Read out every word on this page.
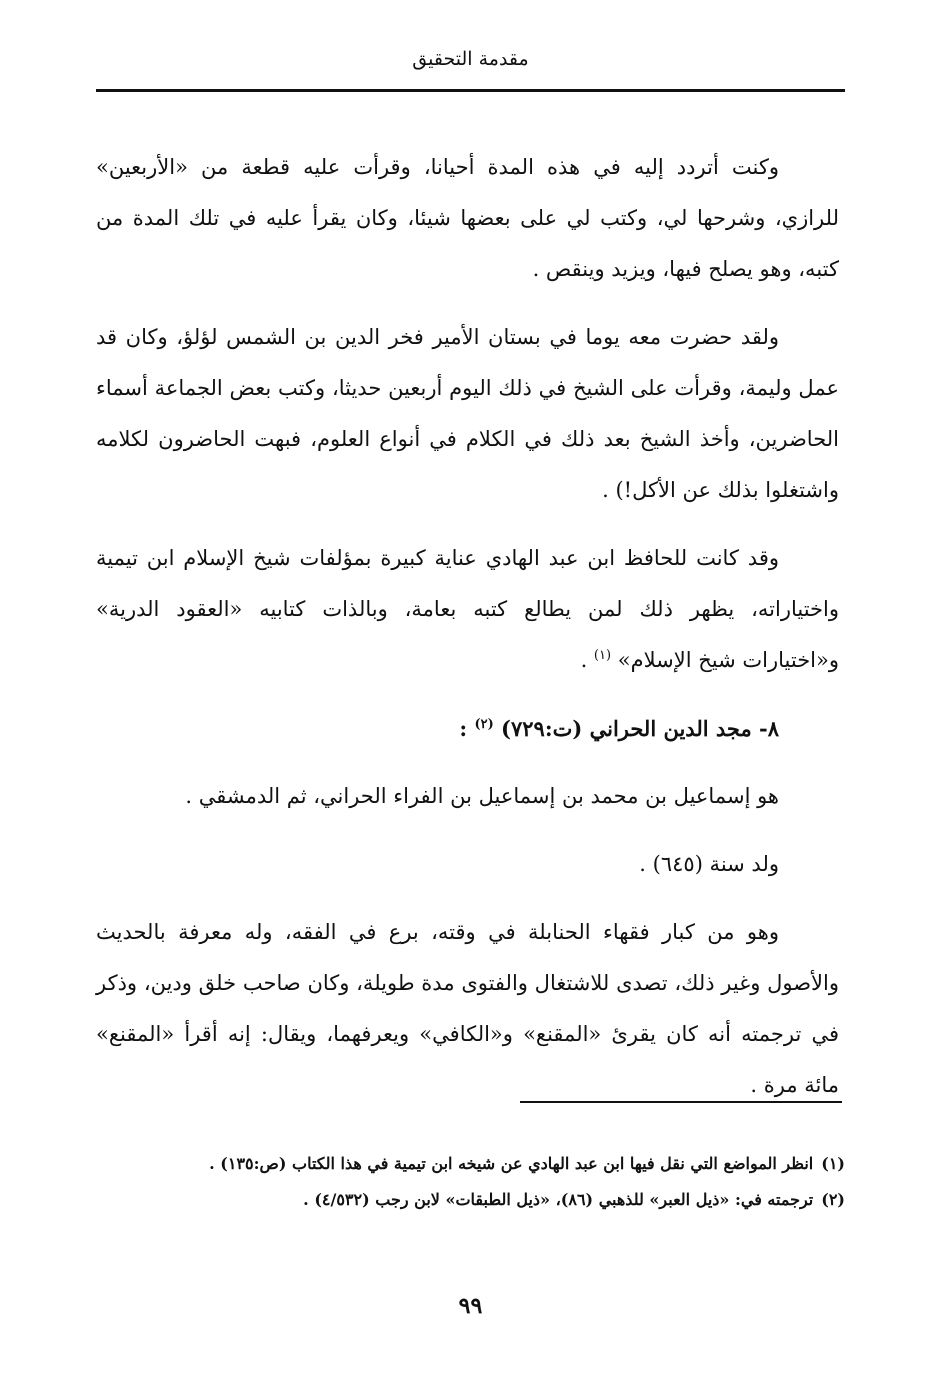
مقدمة التحقيق

وكنت أتردد إليه في هذه المدة أحيانا، وقرأت عليه قطعة من «الأربعين» للرازي، وشرحها لي، وكتب لي على بعضها شيئا، وكان يقرأ عليه في تلك المدة من كتبه، وهو يصلح فيها، ويزيد وينقص .

ولقد حضرت معه يوما في بستان الأمير فخر الدين بن الشمس لؤلؤ، وكان قد عمل وليمة، وقرأت على الشيخ في ذلك اليوم أربعين حديثا، وكتب بعض الجماعة أسماء الحاضرين، وأخذ الشيخ بعد ذلك في الكلام في أنواع العلوم، فبهت الحاضرون لكلامه واشتغلوا بذلك عن الأكل!) .

وقد كانت للحافظ ابن عبد الهادي عناية كبيرة بمؤلفات شيخ الإسلام ابن تيمية واختياراته، يظهر ذلك لمن يطالع كتبه بعامة، وبالذات كتابيه «العقود الدرية» و«اختيارات شيخ الإسلام» $^{(١)}$ .

٨- مجد الدين الحراني (ت:٧٢٩) $^{(٢)}$ :

هو إسماعيل بن محمد بن إسماعيل بن الفراء الحراني، ثم الدمشقي .

ولد سنة (٦٤٥) .

وهو من كبار فقهاء الحنابلة في وقته، برع في الفقه، وله معرفة بالحديث والأصول وغير ذلك، تصدى للاشتغال والفتوى مدة طويلة، وكان صاحب خلق ودين، وذكر في ترجمته أنه كان يقرئ «المقنع» و«الكافي» ويعرفهما، ويقال: إنه أقرأ «المقنع» مائة مرة .

(١)انظر المواضع التي نقل فيها ابن عبد الهادي عن شيخه ابن تيمية في هذا الكتاب (ص:١٣٥) .

(٢)ترجمته في: «ذيل العبر» للذهبي (٨٦)، «ذيل الطبقات» لابن رجب (٤/٥٣٢) .

٩٩
